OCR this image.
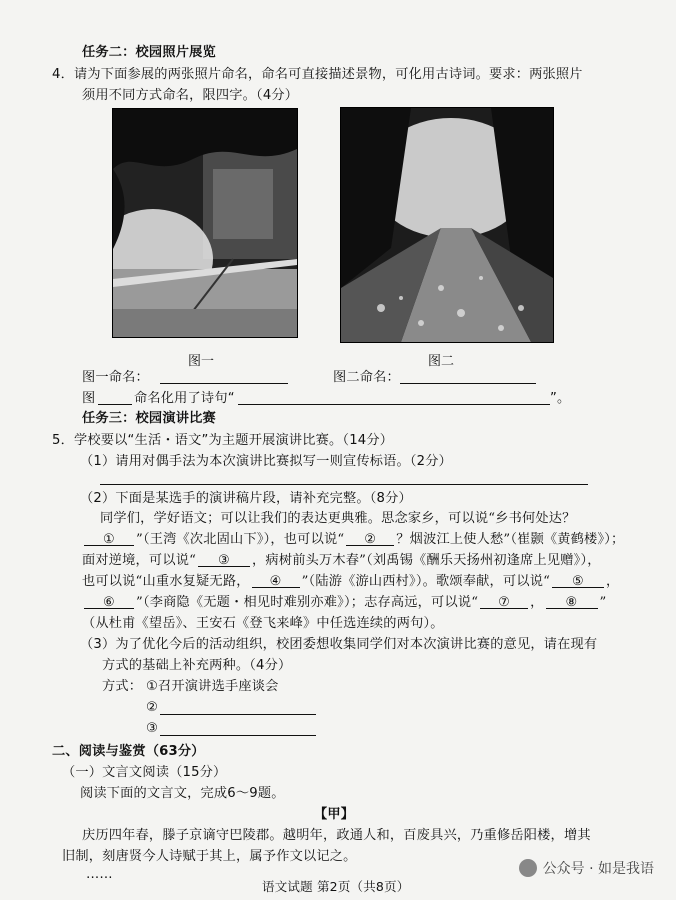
任务二：校园照片展览
4．请为下面参展的两张照片命名，命名可直接描述景物，可化用古诗词。要求：两张照片
须用不同方式命名，限四字。（4分）
图一	图二
图一命名：	图二命名：
图	命名化用了诗句“	”。
任务三：校园演讲比赛
5．学校要以“生活・语文”为主题开展演讲比赛。（14分）
（1）请用对偶手法为本次演讲比赛拟写一则宣传标语。（2分）
（2）下面是某选手的演讲稿片段，请补充完整。（8分）
同学们，学好语文；可以让我们的表达更典雅。思念家乡，可以说“乡书何处达？
① ”（王湾《次北固山下》），也可以说“ ② ？烟波江上使人愁”（崔颢《黄鹤楼》）；
面对逆境，可以说“ ③ ，病树前头万木春”（刘禹锡《酬乐天扬州初逢席上见赠》），
也可以说“山重水复疑无路， ④ ”（陆游《游山西村》）。歌颂奉献，可以说“ ⑤ ，
⑥ ”（李商隐《无题・相见时难别亦难》）；志存高远，可以说“ ⑦ ， ⑧ ”
（从杜甫《望岳》、王安石《登飞来峰》中任选连续的两句）。
（3）为了优化今后的活动组织，校团委想收集同学们对本次演讲比赛的意见，请在现有
方式的基础上补充两种。（4分）
方式： ①召开演讲选手座谈会
②
③
二、阅读与鉴赏（63分）
（一）文言文阅读（15分）
阅读下面的文言文，完成6～9题。
【甲】
庆历四年春，滕子京谪守巴陵郡。越明年，政通人和，百废具兴，乃重修岳阳楼，增其
旧制，刻唐贤今人诗赋于其上，属予作文以记之。
……
语文试题 第2页（共8页）
公众号 · 如是我语
